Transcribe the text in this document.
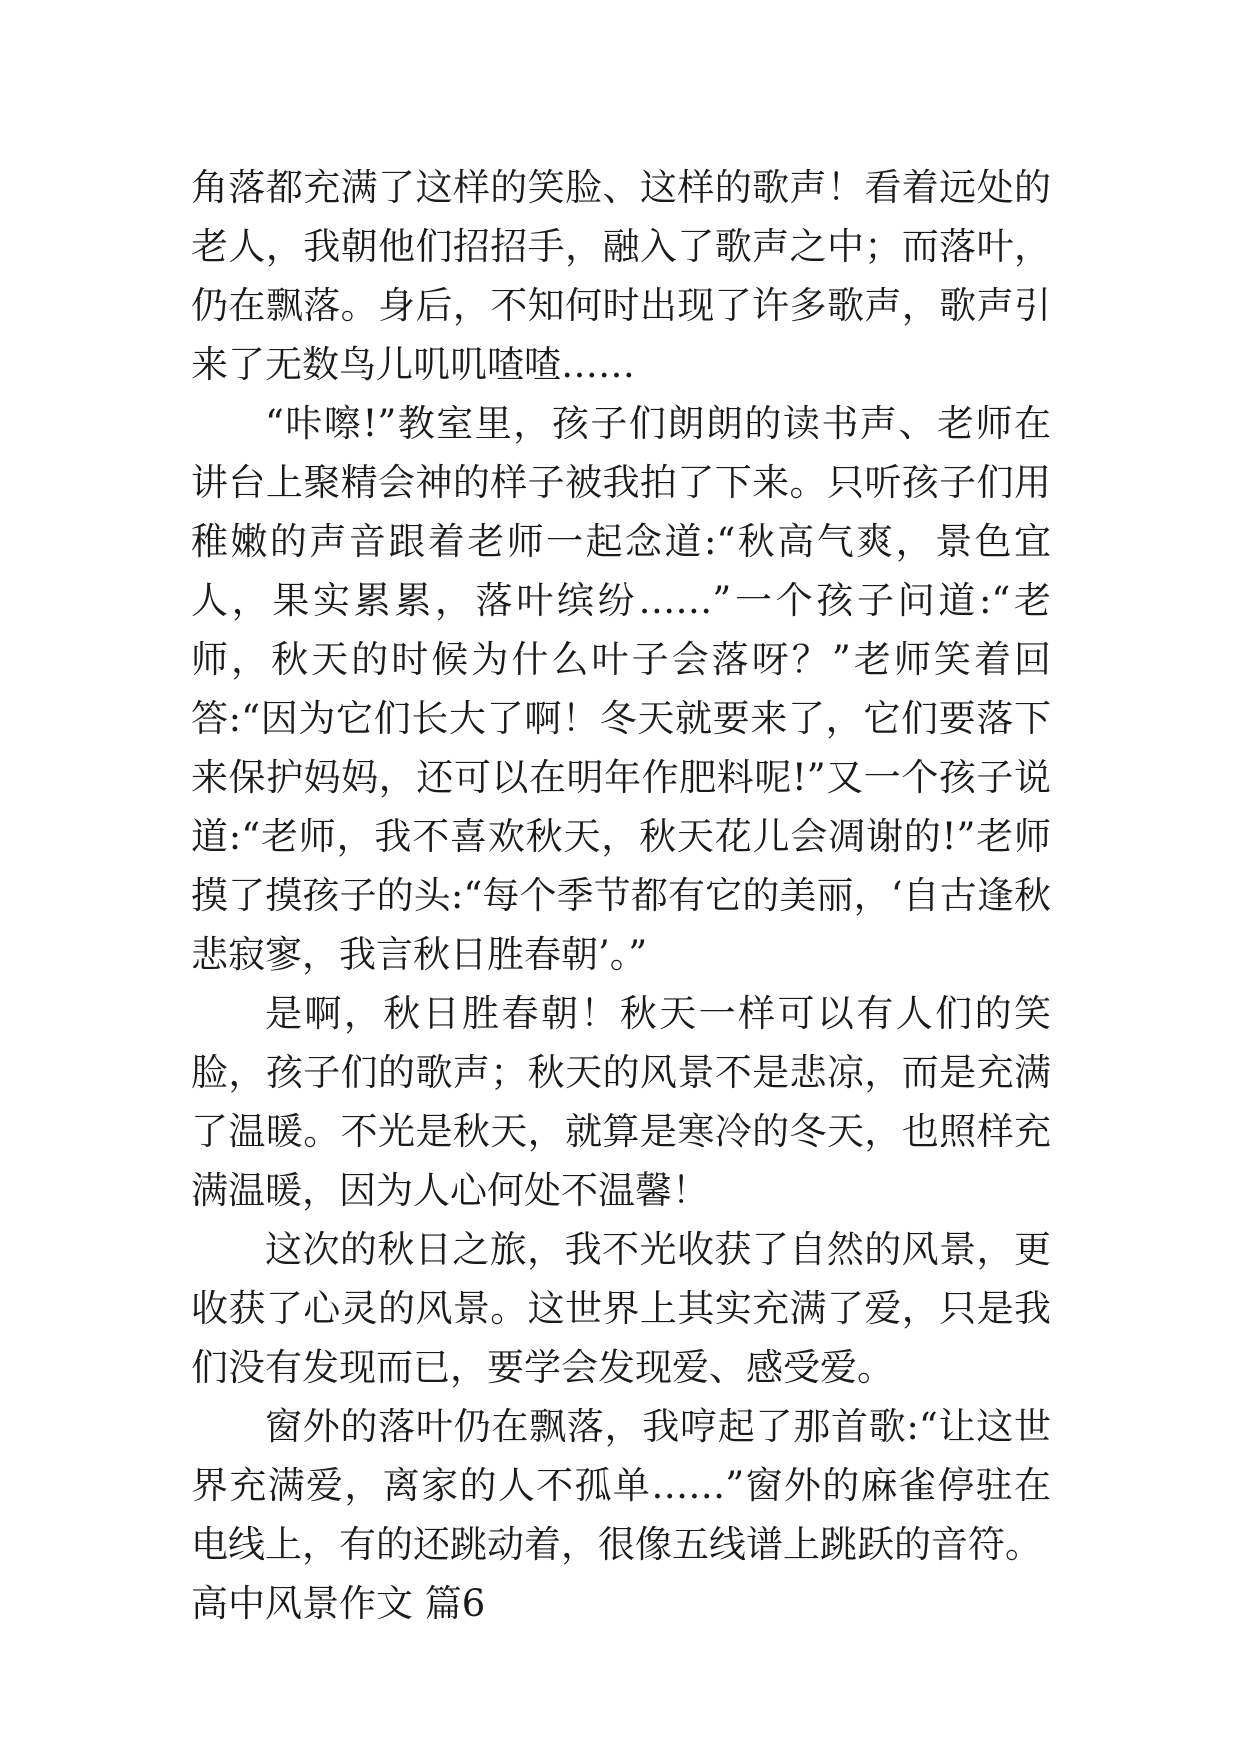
角落都充满了这样的笑脸、这样的歌声！看着远处的老人，我朝他们招招手，融入了歌声之中；而落叶，仍在飘落。身后，不知何时出现了许多歌声，歌声引来了无数鸟儿叽叽喳喳……

“咔嚓!”教室里，孩子们朗朗的读书声、老师在讲台上聚精会神的样子被我拍了下来。只听孩子们用稚嫩的声音跟着老师一起念道:“秋高气爽，景色宜人，果实累累，落叶缤纷……”一个孩子问道:“老师，秋天的时候为什么叶子会落呀？”老师笑着回答:“因为它们长大了啊！冬天就要来了，它们要落下来保护妈妈，还可以在明年作肥料呢!”又一个孩子说道:“老师，我不喜欢秋天，秋天花儿会凋谢的!”老师摸了摸孩子的头:“每个季节都有它的美丽，‘自古逢秋悲寂寥，我言秋日胜春朝’。”

是啊，秋日胜春朝！秋天一样可以有人们的笑脸，孩子们的歌声；秋天的风景不是悲凉，而是充满了温暖。不光是秋天，就算是寒冷的冬天，也照样充满温暖，因为人心何处不温馨！

这次的秋日之旅，我不光收获了自然的风景，更收获了心灵的风景。这世界上其实充满了爱，只是我们没有发现而已，要学会发现爱、感受爱。

窗外的落叶仍在飘落，我哼起了那首歌:“让这世界充满爱，离家的人不孤单……”窗外的麻雀停驻在电线上，有的还跳动着，很像五线谱上跳跃的音符。

高中风景作文 篇6
